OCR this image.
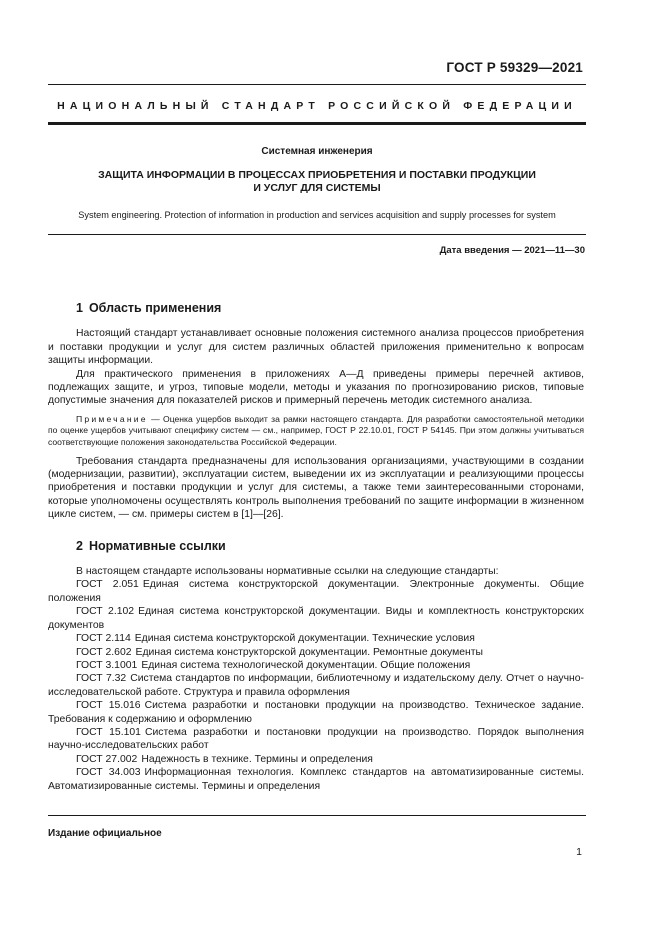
ГОСТ Р 59329—2021
НАЦИОНАЛЬНЫЙ СТАНДАРТ РОССИЙСКОЙ ФЕДЕРАЦИИ
Системная инженерия
ЗАЩИТА ИНФОРМАЦИИ В ПРОЦЕССАХ ПРИОБРЕТЕНИЯ И ПОСТАВКИ ПРОДУКЦИИ И УСЛУГ ДЛЯ СИСТЕМЫ
System engineering. Protection of information in production and services acquisition and supply processes for system
Дата введения — 2021—11—30
1 Область применения

Настоящий стандарт устанавливает основные положения системного анализа процессов приобретения и поставки продукции и услуг для систем различных областей приложения применительно к вопросам защиты информации.

Для практического применения в приложениях А—Д приведены примеры перечней активов, подлежащих защите, и угроз, типовые модели, методы и указания по прогнозированию рисков, типовые допустимые значения для показателей рисков и примерный перечень методик системного анализа.

Примечание — Оценка ущербов выходит за рамки настоящего стандарта. Для разработки самостоятельной методики по оценке ущербов учитывают специфику систем — см., например, ГОСТ Р 22.10.01, ГОСТ Р 54145. При этом должны учитываться соответствующие положения законодательства Российской Федерации.

Требования стандарта предназначены для использования организациями, участвующими в создании (модернизации, развитии), эксплуатации систем, выведении их из эксплуатации и реализующими процессы приобретения и поставки продукции и услуг для системы, а также теми заинтересованными сторонами, которые уполномочены осуществлять контроль выполнения требований по защите информации в жизненном цикле систем, — см. примеры систем в [1]—[26].

2 Нормативные ссылки

В настоящем стандарте использованы нормативные ссылки на следующие стандарты:

ГОСТ 2.051 Единая система конструкторской документации. Электронные документы. Общие положения

ГОСТ 2.102 Единая система конструкторской документации. Виды и комплектность конструкторских документов

ГОСТ 2.114 Единая система конструкторской документации. Технические условия

ГОСТ 2.602 Единая система конструкторской документации. Ремонтные документы

ГОСТ 3.1001 Единая система технологической документации. Общие положения

ГОСТ 7.32 Система стандартов по информации, библиотечному и издательскому делу. Отчет о научно-исследовательской работе. Структура и правила оформления

ГОСТ 15.016 Система разработки и постановки продукции на производство. Техническое задание. Требования к содержанию и оформлению

ГОСТ 15.101 Система разработки и постановки продукции на производство. Порядок выполнения научно-исследовательских работ

ГОСТ 27.002 Надежность в технике. Термины и определения

ГОСТ 34.003 Информационная технология. Комплекс стандартов на автоматизированные системы. Автоматизированные системы. Термины и определения

Издание официальное
1
